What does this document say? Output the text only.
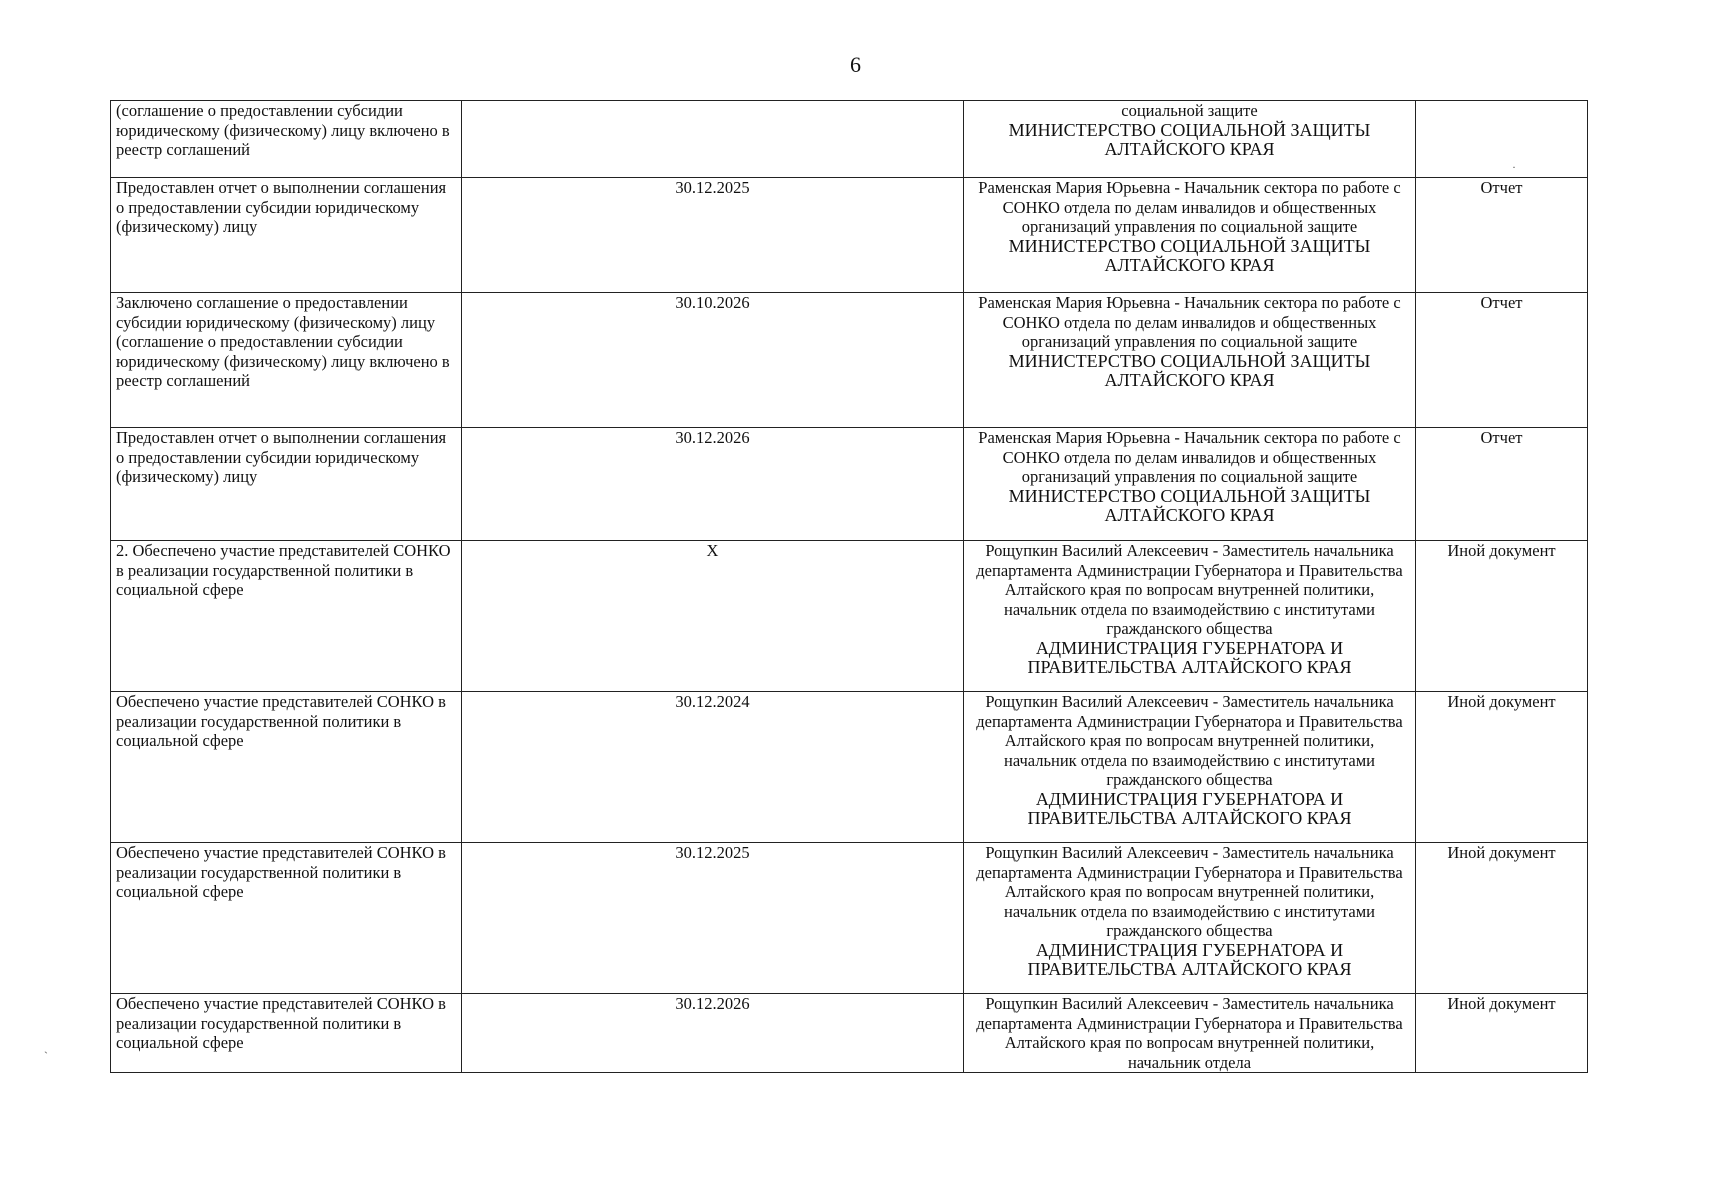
6
(соглашение о предоставлении субсидии юридическому (физическому) лицу включено в реестр соглашений		социальной защите
МИНИСТЕРСТВО СОЦИАЛЬНОЙ ЗАЩИТЫ АЛТАЙСКОГО КРАЯ	

Предоставлен отчет о выполнении соглашения о предоставлении субсидии юридическому (физическому) лицу	30.12.2025	Раменская Мария Юрьевна - Начальник сектора по работе с СОНКО отдела по делам инвалидов и общественных организаций управления по социальной защите
МИНИСТЕРСТВО СОЦИАЛЬНОЙ ЗАЩИТЫ АЛТАЙСКОГО КРАЯ	Отчет
Заключено соглашение о предоставлении субсидии юридическому (физическому) лицу (соглашение о предоставлении субсидии юридическому (физическому) лицу включено в реестр соглашений	30.10.2026	Раменская Мария Юрьевна - Начальник сектора по работе с СОНКО отдела по делам инвалидов и общественных организаций управления по социальной защите
МИНИСТЕРСТВО СОЦИАЛЬНОЙ ЗАЩИТЫ АЛТАЙСКОГО КРАЯ	Отчет
Предоставлен отчет о выполнении соглашения о предоставлении субсидии юридическому (физическому) лицу	30.12.2026	Раменская Мария Юрьевна - Начальник сектора по работе с СОНКО отдела по делам инвалидов и общественных организаций управления по социальной защите
МИНИСТЕРСТВО СОЦИАЛЬНОЙ ЗАЩИТЫ АЛТАЙСКОГО КРАЯ	Отчет
2. Обеспечено участие представителей СОНКО в реализации государственной политики в социальной сфере	X	Рощупкин Василий Алексеевич - Заместитель начальника департамента Администрации Губернатора и Правительства Алтайского края по вопросам внутренней политики, начальник отдела по взаимодействию с институтами гражданского общества
АДМИНИСТРАЦИЯ ГУБЕРНАТОРА И ПРАВИТЕЛЬСТВА АЛТАЙСКОГО КРАЯ	Иной документ
Обеспечено участие представителей СОНКО в реализации государственной политики в социальной сфере	30.12.2024	Рощупкин Василий Алексеевич - Заместитель начальника департамента Администрации Губернатора и Правительства Алтайского края по вопросам внутренней политики, начальник отдела по взаимодействию с институтами гражданского общества
АДМИНИСТРАЦИЯ ГУБЕРНАТОРА И ПРАВИТЕЛЬСТВА АЛТАЙСКОГО КРАЯ	Иной документ
Обеспечено участие представителей СОНКО в реализации государственной политики в социальной сфере	30.12.2025	Рощупкин Василий Алексеевич - Заместитель начальника департамента Администрации Губернатора и Правительства Алтайского края по вопросам внутренней политики, начальник отдела по взаимодействию с институтами гражданского общества
АДМИНИСТРАЦИЯ ГУБЕРНАТОРА И ПРАВИТЕЛЬСТВА АЛТАЙСКОГО КРАЯ	Иной документ
Обеспечено участие представителей СОНКО в реализации государственной политики в социальной сфере	30.12.2026	Рощупкин Василий Алексеевич - Заместитель начальника департамента Администрации Губернатора и Правительства Алтайского края по вопросам внутренней политики, начальник отдела	Иной документ
ˏ
·
